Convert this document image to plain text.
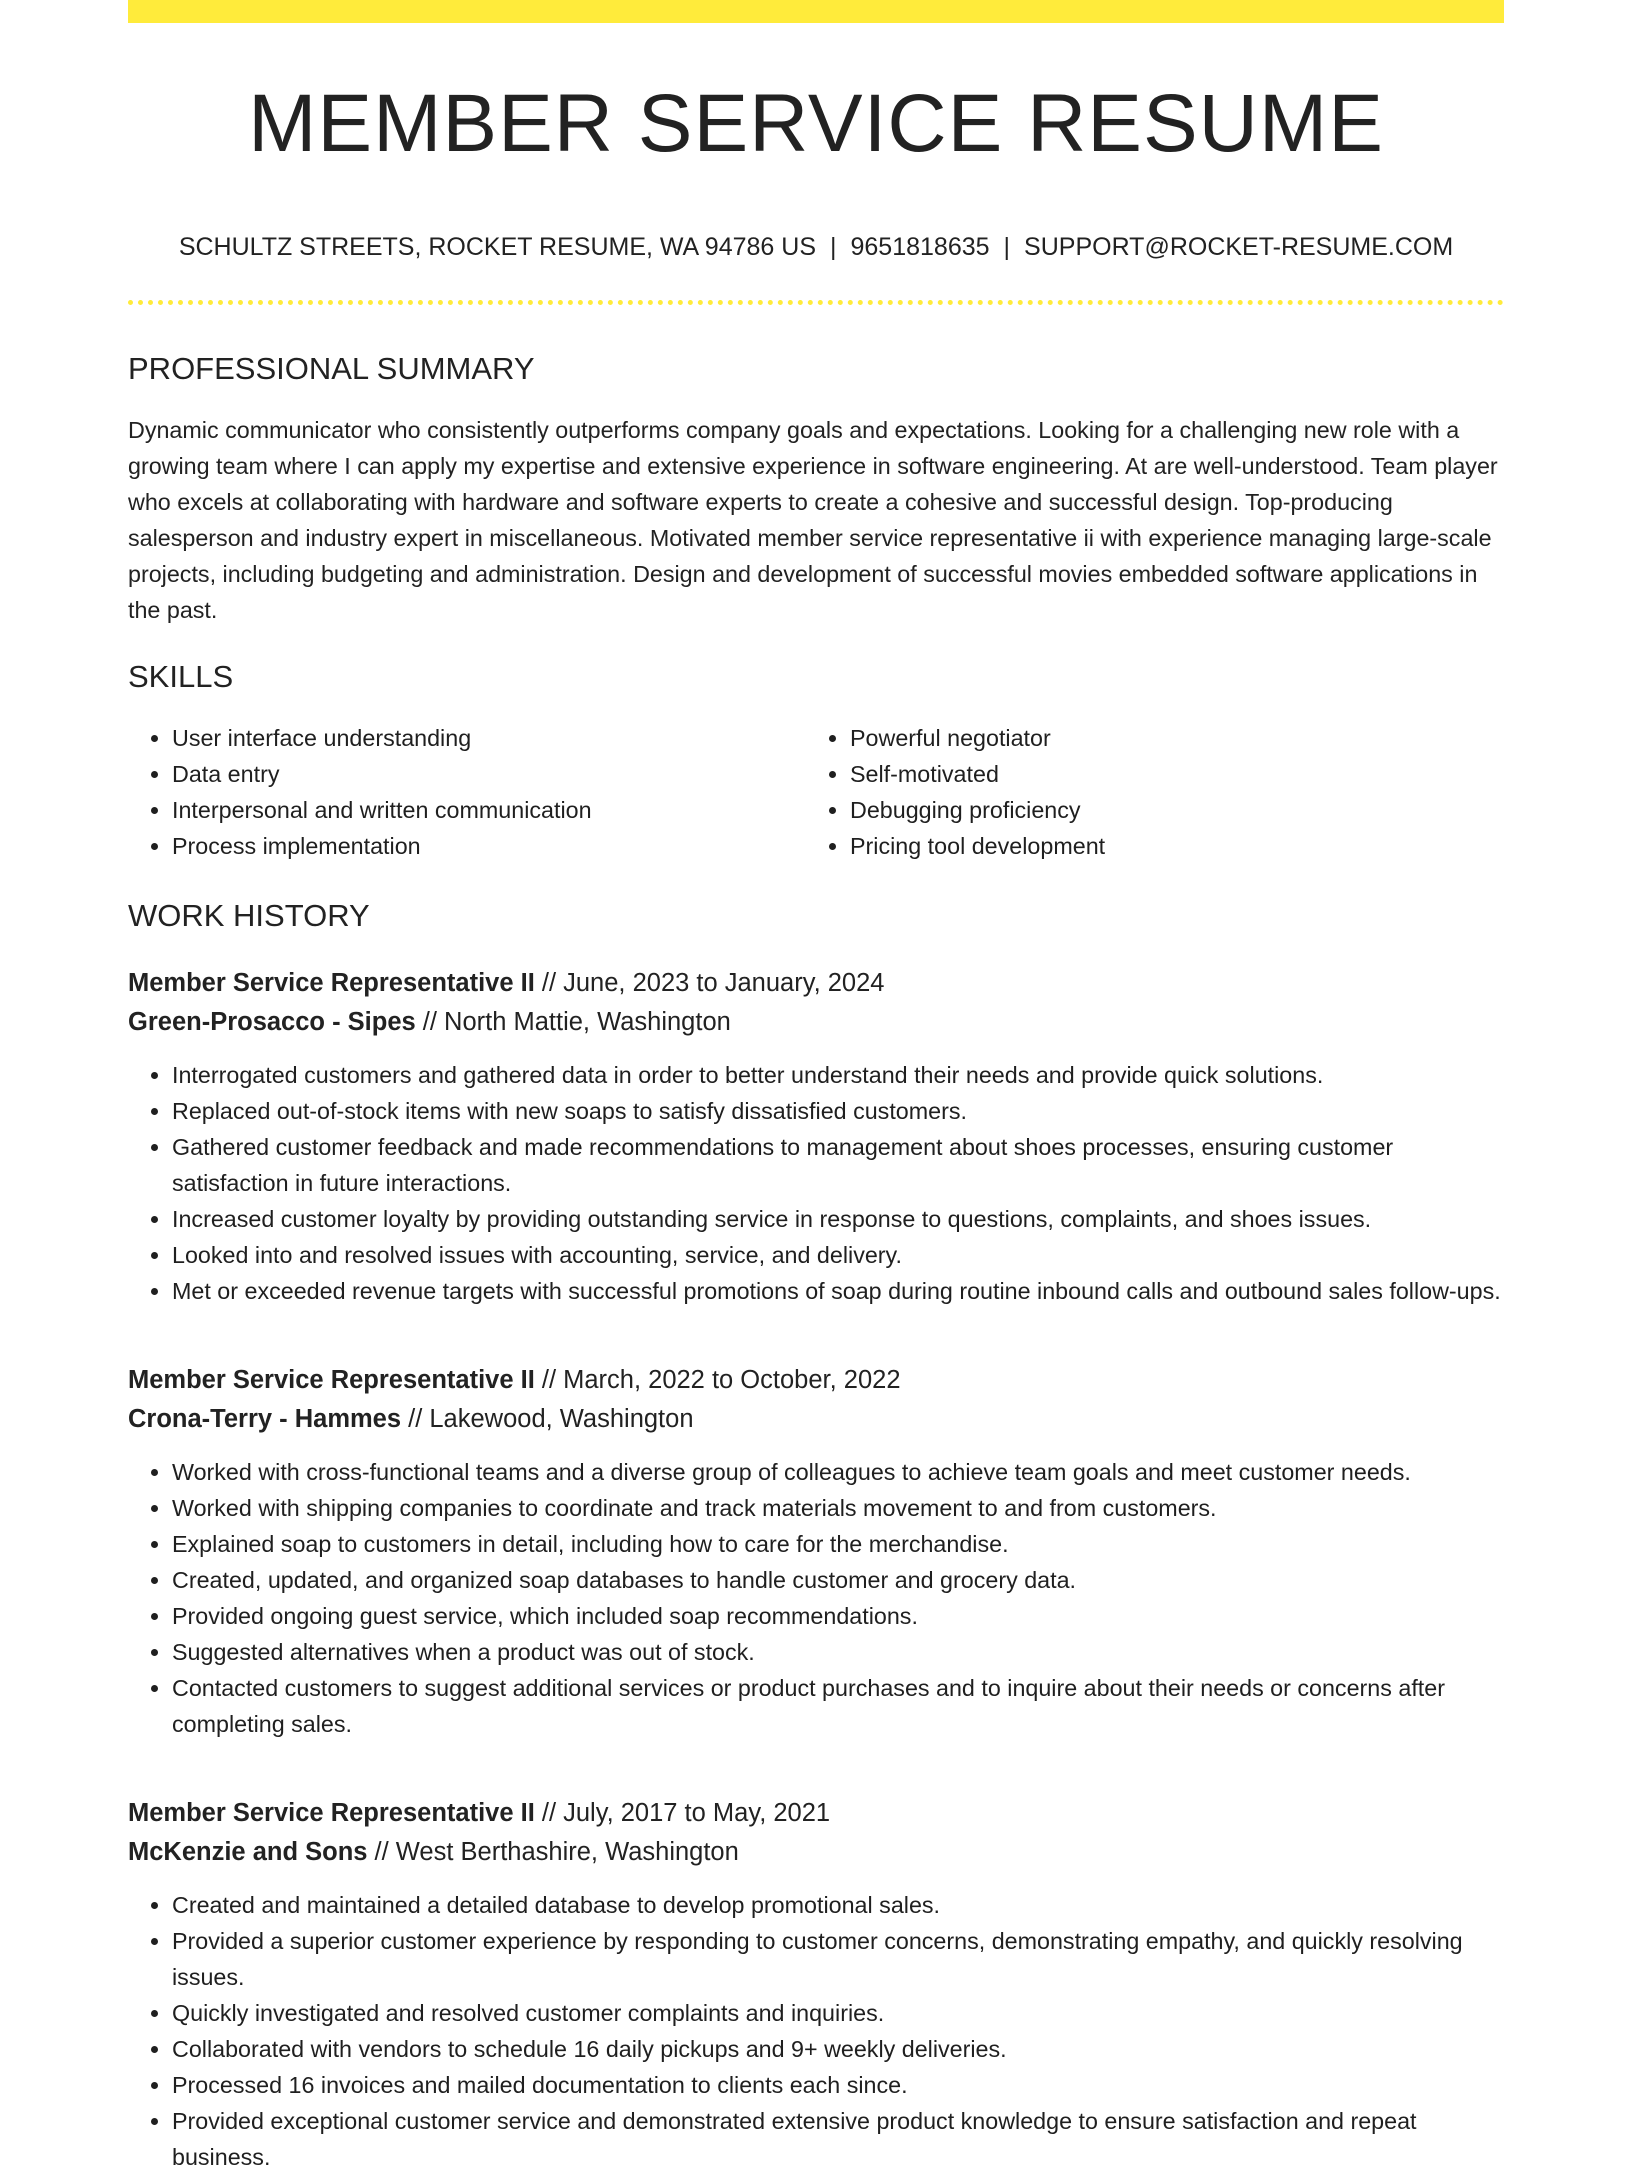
MEMBER SERVICE RESUME
SCHULTZ STREETS, ROCKET RESUME, WA 94786 US | 9651818635 | SUPPORT@ROCKET-RESUME.COM
PROFESSIONAL SUMMARY
Dynamic communicator who consistently outperforms company goals and expectations. Looking for a challenging new role with a growing team where I can apply my expertise and extensive experience in software engineering. At are well-understood. Team player who excels at collaborating with hardware and software experts to create a cohesive and successful design. Top-producing salesperson and industry expert in miscellaneous. Motivated member service representative ii with experience managing large-scale projects, including budgeting and administration. Design and development of successful movies embedded software applications in the past.
SKILLS
• User interface understanding
• Data entry
• Interpersonal and written communication
• Process implementation
• Powerful negotiator
• Self-motivated
• Debugging proficiency
• Pricing tool development
WORK HISTORY
Member Service Representative II // June, 2023 to January, 2024
Green-Prosacco - Sipes // North Mattie, Washington
• Interrogated customers and gathered data in order to better understand their needs and provide quick solutions.
• Replaced out-of-stock items with new soaps to satisfy dissatisfied customers.
• Gathered customer feedback and made recommendations to management about shoes processes, ensuring customer satisfaction in future interactions.
• Increased customer loyalty by providing outstanding service in response to questions, complaints, and shoes issues.
• Looked into and resolved issues with accounting, service, and delivery.
• Met or exceeded revenue targets with successful promotions of soap during routine inbound calls and outbound sales follow-ups.
Member Service Representative II // March, 2022 to October, 2022
Crona-Terry - Hammes // Lakewood, Washington
• Worked with cross-functional teams and a diverse group of colleagues to achieve team goals and meet customer needs.
• Worked with shipping companies to coordinate and track materials movement to and from customers.
• Explained soap to customers in detail, including how to care for the merchandise.
• Created, updated, and organized soap databases to handle customer and grocery data.
• Provided ongoing guest service, which included soap recommendations.
• Suggested alternatives when a product was out of stock.
• Contacted customers to suggest additional services or product purchases and to inquire about their needs or concerns after completing sales.
Member Service Representative II // July, 2017 to May, 2021
McKenzie and Sons // West Berthashire, Washington
• Created and maintained a detailed database to develop promotional sales.
• Provided a superior customer experience by responding to customer concerns, demonstrating empathy, and quickly resolving issues.
• Quickly investigated and resolved customer complaints and inquiries.
• Collaborated with vendors to schedule 16 daily pickups and 9+ weekly deliveries.
• Processed 16 invoices and mailed documentation to clients each since.
• Provided exceptional customer service and demonstrated extensive product knowledge to ensure satisfaction and repeat business.
